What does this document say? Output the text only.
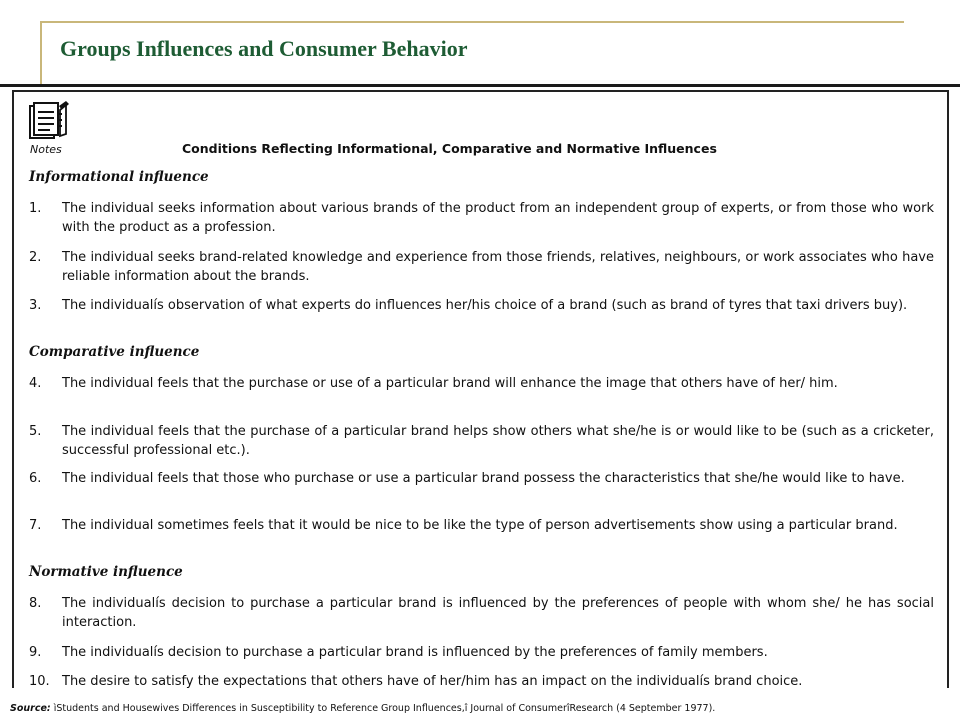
Groups Influences and Consumer Behavior

Notes	Conditions Reflecting Informational, Comparative and Normative Influences

Informational influence

1.	The individual seeks information about various brands of the product from an independent group of experts, or from those who work with the product as a profession.
2.	The individual seeks brand-related knowledge and experience from those friends, relatives, neighbours, or work associates who have reliable information about the brands.
3.	The individualís observation of what experts do influences her/his choice of a brand (such as brand of tyres that taxi drivers buy).

Comparative influence

4.	The individual feels that the purchase or use of a particular brand will enhance the image that others have of her/ him.
5.	The individual feels that the purchase of a particular brand helps show others what she/he is or would like to be (such as a cricketer, successful professional etc.).
6.	The individual feels that those who purchase or use a particular brand possess the characteristics that she/he would like to have.
7.	The individual sometimes feels that it would be nice to be like the type of person advertisements show using a particular brand.

Normative influence

8.	The individualís decision to purchase a particular brand is influenced by the preferences of people with whom she/ he has social interaction.
9.	The individualís decision to purchase a particular brand is influenced by the preferences of family members.
10. The desire to satisfy the expectations that others have of her/him has an impact on the individualís brand choice.

Source: ìStudents and Housewives Differences in Susceptibility to Reference Group Influences,î Journal of ConsumerîResearch (4 September 1977).
